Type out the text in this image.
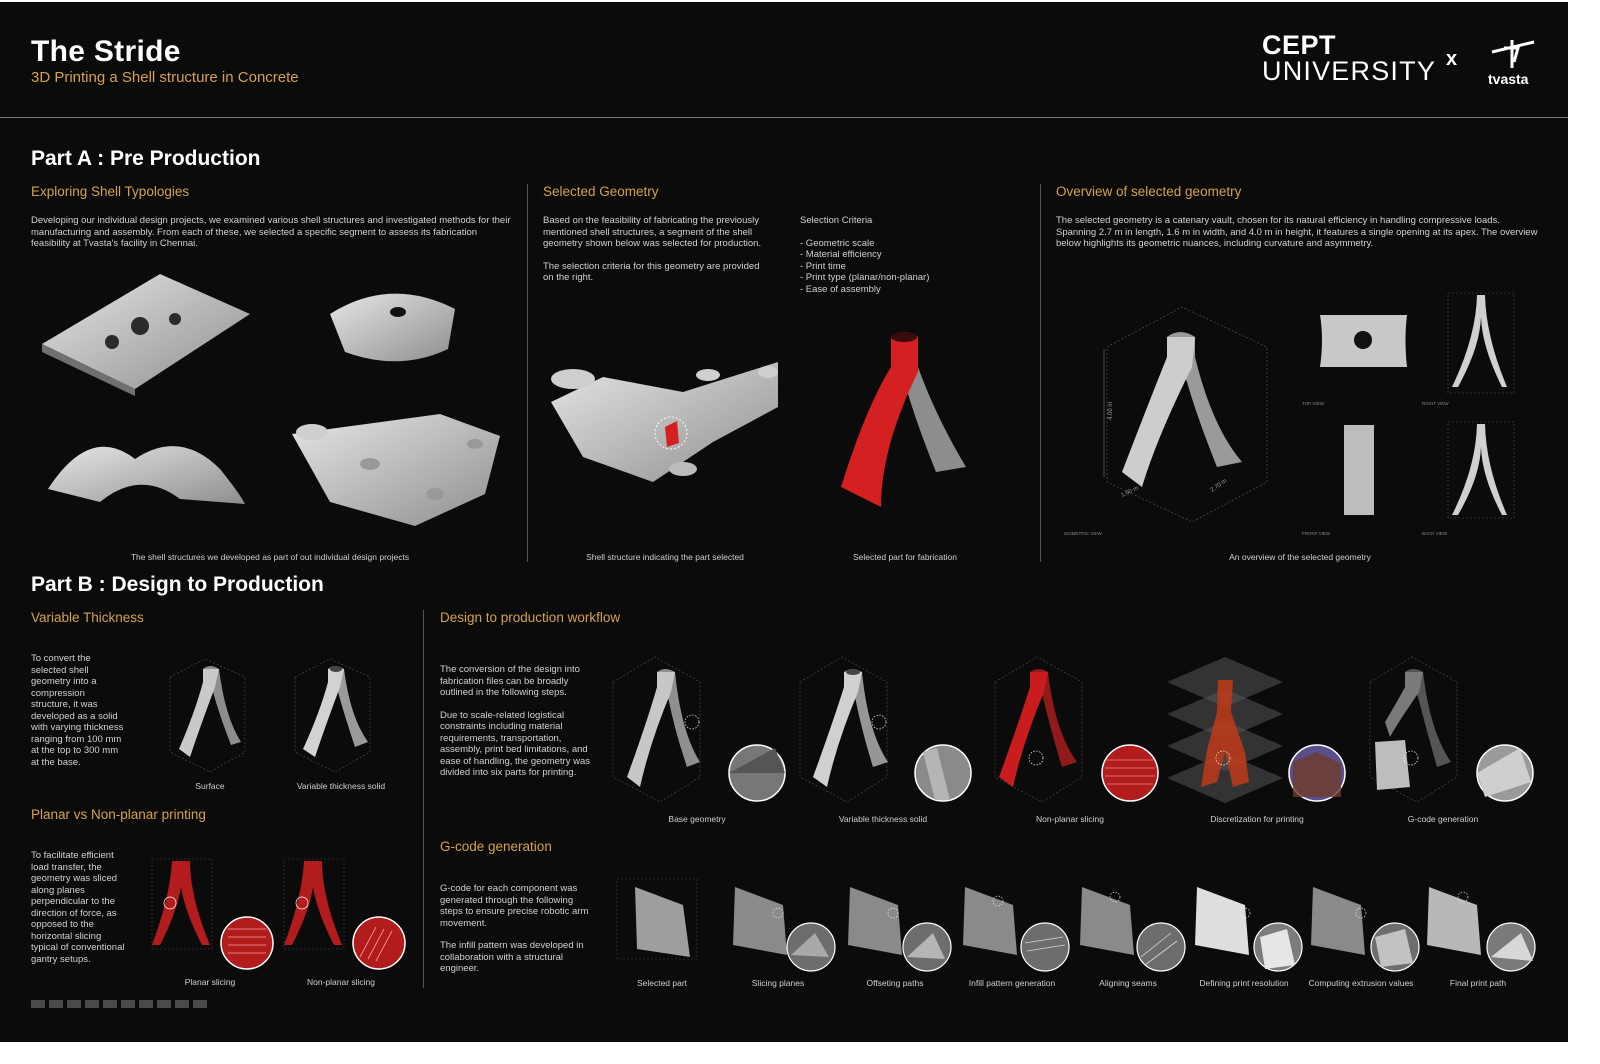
The Stride
3D Printing a Shell structure in Concrete
CEPT
UNIVERSITY x
tvasta
Part A : Pre Production
Exploring Shell Typologies
Developing our individual design projects, we examined various shell structures and investigated methods for their manufacturing and assembly. From each of these, we selected a specific segment to assess its fabrication feasibility at Tvasta's facility in Chennai.
The shell structures we developed as part of out individual design projects
Selected Geometry
Based on the feasibility of fabricating the previously mentioned shell structures, a segment of the shell geometry shown below was selected for production.
The selection criteria for this geometry are provided on the right.
Selection Criteria
- Geometric scale
- Material efficiency
- Print time
- Print type (planar/non-planar)
- Ease of assembly
Shell structure indicating the part selected	Selected part for fabrication
Overview of selected geometry
The selected geometry is a catenary vault, chosen for its natural efficiency in handling compressive loads. Spanning 2.7 m in length, 1.6 m in width, and 4.0 m in height, it features a single opening at its apex. The overview below highlights its geometric nuances, including curvature and asymmetry.
4.00 m
1.60 m	2.70 m
ISOMETRIC VIEW
TOP VIEW
FRONT VIEW
RIGHT VIEW
BACK VIEW
An overview of the selected geometry
Part B : Design to Production
Variable Thickness
To convert the selected shell geometry into a compression structure, it was developed as a solid with varying thickness ranging from 100 mm at the top to 300 mm at the base.
Surface	Variable thickness solid
Planar vs Non-planar printing
To facilitate efficient load transfer, the geometry was sliced along planes perpendicular to the direction of force, as opposed to the horizontal slicing typical of conventional gantry setups.
Planar slicing	Non-planar slicing
Design to production workflow
The conversion of the design into fabrication files can be broadly outlined in the following steps.
Due to scale-related logistical constraints including material requirements, transportation, assembly, print bed limitations, and ease of handling, the geometry was divided into six parts for printing.
Base geometry	Variable thickness solid	Non-planar slicing	Discretization for printing	G-code generation
G-code generation
G-code for each component was generated through the following steps to ensure precise robotic arm movement.
The infill pattern was developed in collaboration with a structural engineer.
Selected part	Slicing planes	Offseting paths	Infill pattern generation	Aligning seams	Defining print resolution	Computing extrusion values	Final print path
